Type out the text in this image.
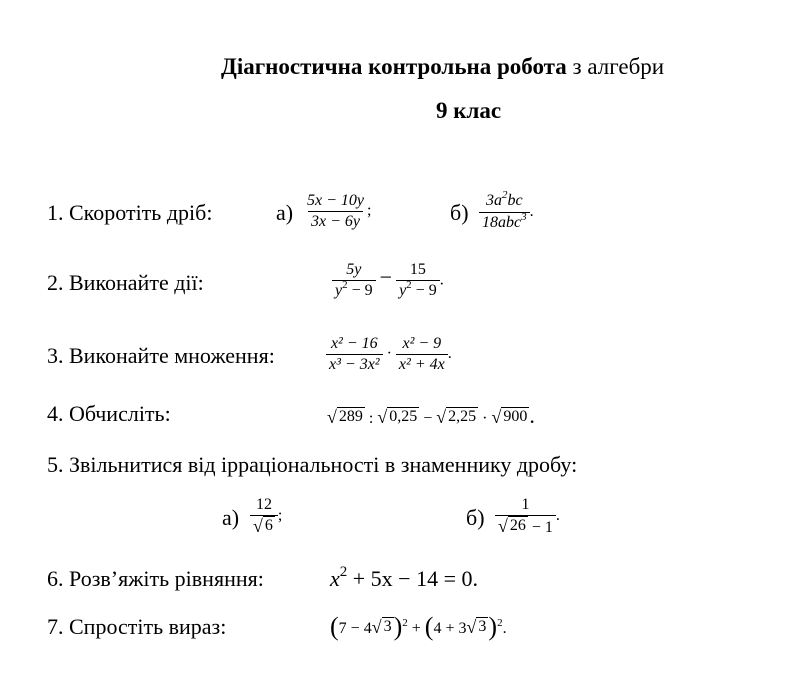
Діагностична контрольна робота з алгебри
9 клас
1. Скоротіть дріб:	$а) \frac{5x - 10y}{3x - 6y}$ ;	$б) \frac{3a^2bc}{18abc^3}$ .
2. Виконайте дії:	$\frac{5y}{y^2 - 9} - \frac{15}{y^2 - 9}$ .
3. Виконайте множення:	$\frac{\text{x² − 16}}{\text{x³ − 3x²}} \cdot \frac{\text{x² − 9}}{\text{x² + 4x}}$ .
4. Обчисліть:	√ 289 : √ 0,25 − √ 2,25 · √ 900 .
5. Звільнитися від ірраціональності в знаменнику дробу:
$а) \frac{12}{√ 6}$ ;	$б) \frac{1}{√ 26 - 1}$ .
6. Розв’яжіть рівняння:	$x^2 + 5x - 14 = 0$.
7. Спростіть вираз:	(7 − 4 √ 3 )$^2$ + (4 + 3 √ 3 )$^2$.
